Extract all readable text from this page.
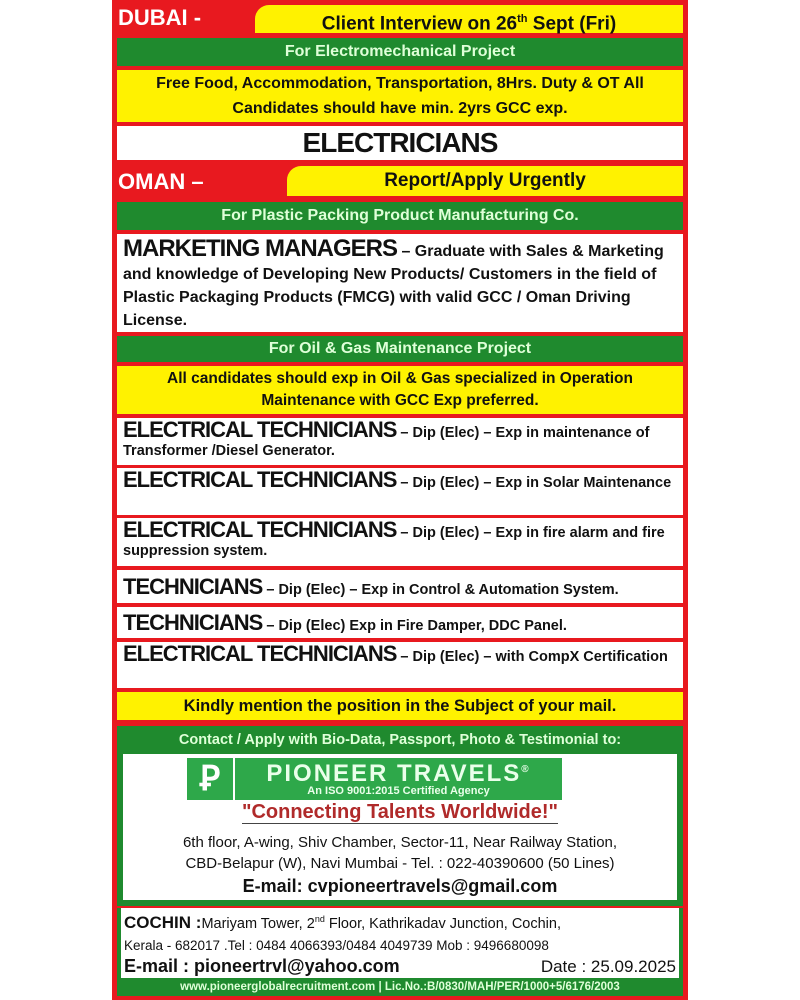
DUBAI -	Client Interview on 26th Sept (Fri)
For Electromechanical Project
Free Food, Accommodation, Transportation, 8Hrs. Duty & OT All
Candidates should have min. 2yrs GCC exp.
ELECTRICIANS
OMAN –	Report/Apply Urgently
For Plastic Packing Product Manufacturing Co.
MARKETING MANAGERS – Graduate with Sales & Marketing and knowledge of Developing New Products/ Customers in the field of Plastic Packaging Products (FMCG) with valid GCC / Oman Driving License.
For Oil & Gas Maintenance Project
All candidates should exp in Oil & Gas specialized in Operation
Maintenance with GCC Exp preferred.
ELECTRICAL TECHNICIANS – Dip (Elec) – Exp in maintenance of Transformer /Diesel Generator.
ELECTRICAL TECHNICIANS – Dip (Elec) – Exp in Solar Maintenance
ELECTRICAL TECHNICIANS – Dip (Elec) – Exp in fire alarm and fire suppression system.
TECHNICIANS – Dip (Elec) – Exp in Control & Automation System.
TECHNICIANS – Dip (Elec) Exp in Fire Damper, DDC Panel.
ELECTRICAL TECHNICIANS – Dip (Elec) – with CompX Certification
Kindly mention the position in the Subject of your mail.
Contact / Apply with Bio-Data, Passport, Photo & Testimonial to:
Ꝑ	PIONEER TRAVELS®
An ISO 9001:2015 Certified Agency
"Connecting Talents Worldwide!"
6th floor, A-wing, Shiv Chamber, Sector-11, Near Railway Station,
CBD-Belapur (W), Navi Mumbai - Tel. : 022-40390600 (50 Lines)
E-mail: cvpioneertravels@gmail.com
COCHIN :Mariyam Tower, 2nd Floor, Kathrikadav Junction, Cochin,
Kerala - 682017 .Tel : 0484 4066393/0484 4049739 Mob : 9496680098
E-mail : pioneertrvl@yahoo.com	Date : 25.09.2025
www.pioneerglobalrecruitment.com | Lic.No.:B/0830/MAH/PER/1000+5/6176/2003
